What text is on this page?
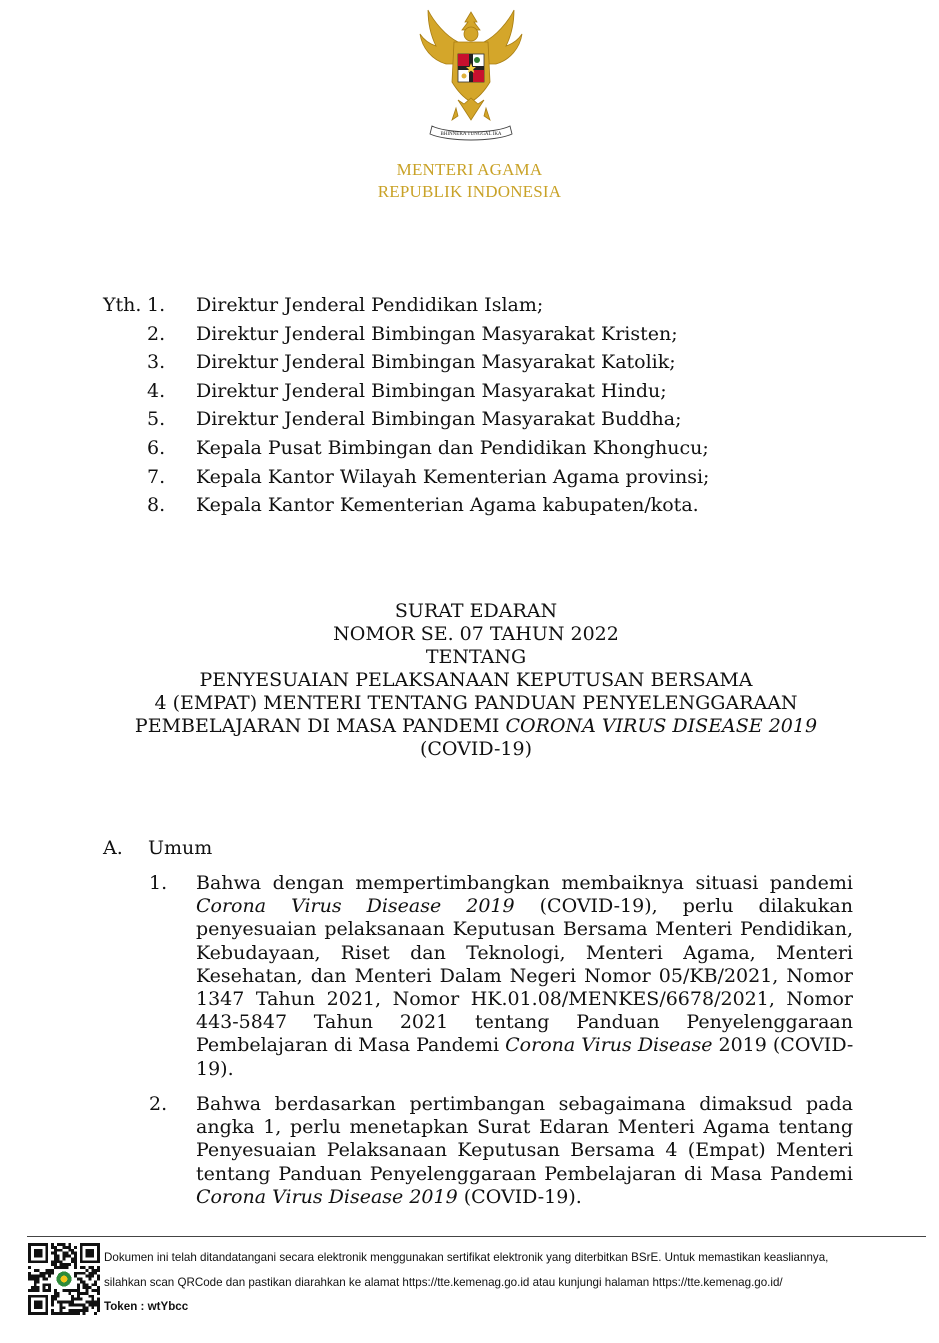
BHINNEKA TUNGGAL IKA
MENTERI AGAMA
REPUBLIK INDONESIA
Yth. 1. Direktur Jenderal Pendidikan Islam;
2. Direktur Jenderal Bimbingan Masyarakat Kristen;
3. Direktur Jenderal Bimbingan Masyarakat Katolik;
4. Direktur Jenderal Bimbingan Masyarakat Hindu;
5. Direktur Jenderal Bimbingan Masyarakat Buddha;
6. Kepala Pusat Bimbingan dan Pendidikan Khonghucu;
7. Kepala Kantor Wilayah Kementerian Agama provinsi;
8. Kepala Kantor Kementerian Agama kabupaten/kota.
SURAT EDARAN
NOMOR SE. 07 TAHUN 2022
TENTANG
PENYESUAIAN PELAKSANAAN KEPUTUSAN BERSAMA
4 (EMPAT) MENTERI TENTANG PANDUAN PENYELENGGARAAN
PEMBELAJARAN DI MASA PANDEMI CORONA VIRUS DISEASE 2019
(COVID-19)
A. Umum
1. Bahwa dengan mempertimbangkan membaiknya situasi pandemi
Corona Virus Disease 2019 (COVID-19), perlu dilakukan
penyesuaian pelaksanaan Keputusan Bersama Menteri Pendidikan,
Kebudayaan, Riset dan Teknologi, Menteri Agama, Menteri
Kesehatan, dan Menteri Dalam Negeri Nomor 05/KB/2021, Nomor
1347 Tahun 2021, Nomor HK.01.08/MENKES/6678/2021, Nomor
443-5847 Tahun 2021 tentang Panduan Penyelenggaraan
Pembelajaran di Masa Pandemi Corona Virus Disease 2019 (COVID-
19).
2. Bahwa berdasarkan pertimbangan sebagaimana dimaksud pada
angka 1, perlu menetapkan Surat Edaran Menteri Agama tentang
Penyesuaian Pelaksanaan Keputusan Bersama 4 (Empat) Menteri
tentang Panduan Penyelenggaraan Pembelajaran di Masa Pandemi
Corona Virus Disease 2019 (COVID-19).
Dokumen ini telah ditandatangani secara elektronik menggunakan sertifikat elektronik yang diterbitkan BSrE. Untuk memastikan keasliannya,
silahkan scan QRCode dan pastikan diarahkan ke alamat https://tte.kemenag.go.id atau kunjungi halaman https://tte.kemenag.go.id/
Token : wtYbcc
